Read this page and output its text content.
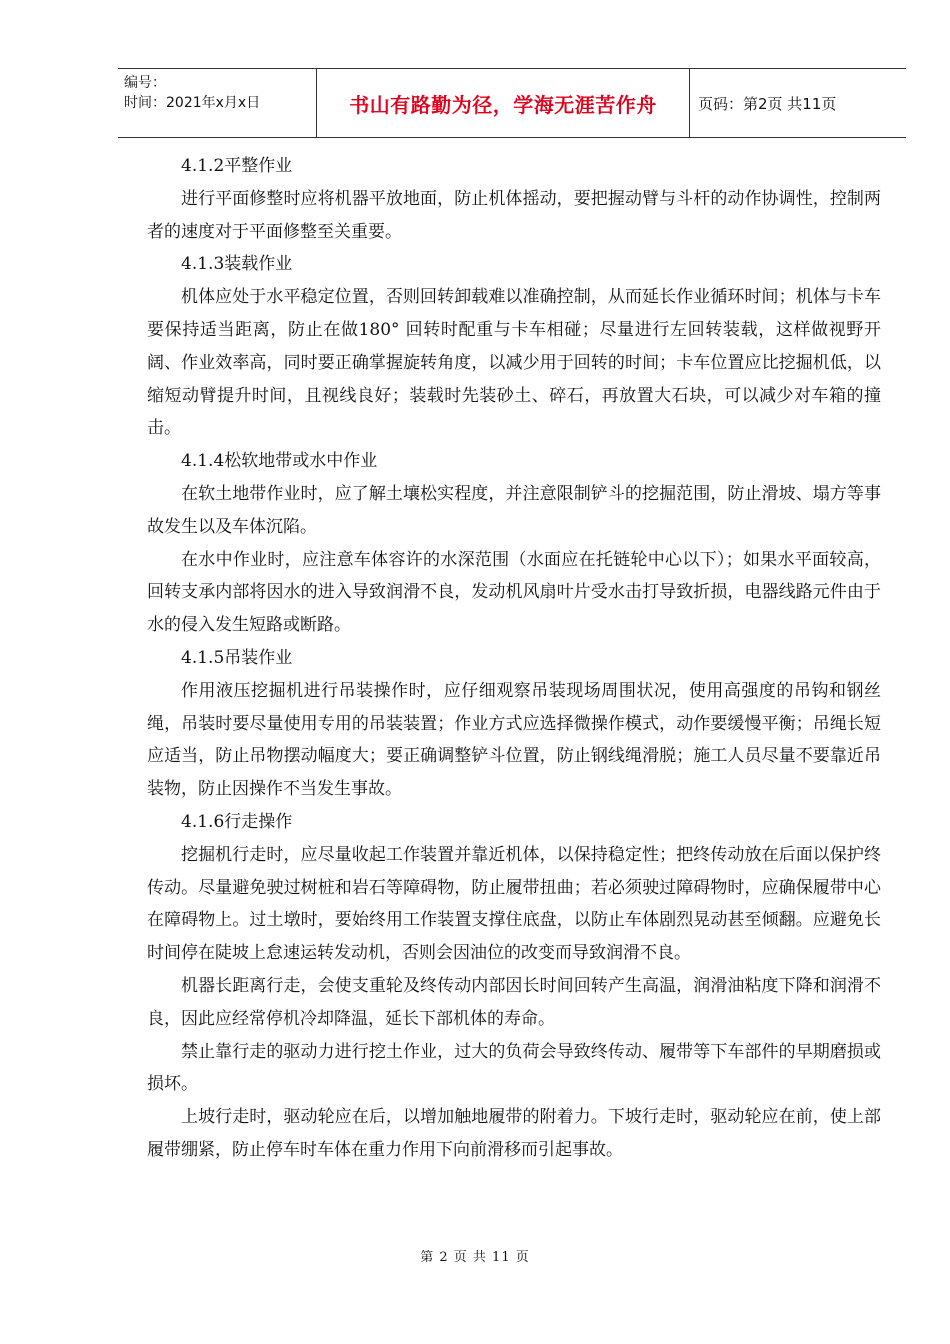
编号：
时间：2021年x月x日	书山有路勤为径，学海无涯苦作舟	页码：第2页 共11页

4.1.2平整作业

进行平面修整时应将机器平放地面，防止机体摇动，要把握动臂与斗杆的动作协调性，控制两者的速度对于平面修整至关重要。

4.1.3装载作业

机体应处于水平稳定位置，否则回转卸载难以准确控制，从而延长作业循环时间；机体与卡车要保持适当距离，防止在做180° 回转时配重与卡车相碰；尽量进行左回转装载，这样做视野开阔、作业效率高，同时要正确掌握旋转角度，以减少用于回转的时间；卡车位置应比挖掘机低，以缩短动臂提升时间，且视线良好；装载时先装砂土、碎石，再放置大石块，可以减少对车箱的撞击。

4.1.4松软地带或水中作业

在软土地带作业时，应了解土壤松实程度，并注意限制铲斗的挖掘范围，防止滑坡、塌方等事故发生以及车体沉陷。

在水中作业时，应注意车体容许的水深范围（水面应在托链轮中心以下）；如果水平面较高，回转支承内部将因水的进入导致润滑不良，发动机风扇叶片受水击打导致折损，电器线路元件由于水的侵入发生短路或断路。

4.1.5吊装作业

作用液压挖掘机进行吊装操作时，应仔细观察吊装现场周围状况，使用高强度的吊钩和钢丝绳，吊装时要尽量使用专用的吊装装置；作业方式应选择微操作模式，动作要缓慢平衡；吊绳长短应适当，防止吊物摆动幅度大；要正确调整铲斗位置，防止钢线绳滑脱；施工人员尽量不要靠近吊装物，防止因操作不当发生事故。

4.1.6行走操作

挖掘机行走时，应尽量收起工作装置并靠近机体，以保持稳定性；把终传动放在后面以保护终传动。尽量避免驶过树桩和岩石等障碍物，防止履带扭曲；若必须驶过障碍物时，应确保履带中心在障碍物上。过土墩时，要始终用工作装置支撑住底盘，以防止车体剧烈晃动甚至倾翻。应避免长时间停在陡坡上怠速运转发动机，否则会因油位的改变而导致润滑不良。

机器长距离行走，会使支重轮及终传动内部因长时间回转产生高温，润滑油粘度下降和润滑不良，因此应经常停机冷却降温，延长下部机体的寿命。

禁止靠行走的驱动力进行挖土作业，过大的负荷会导致终传动、履带等下车部件的早期磨损或损坏。

上坡行走时，驱动轮应在后，以增加触地履带的附着力。下坡行走时，驱动轮应在前，使上部履带绷紧，防止停车时车体在重力作用下向前滑移而引起事故。

第 2 页 共 11 页
